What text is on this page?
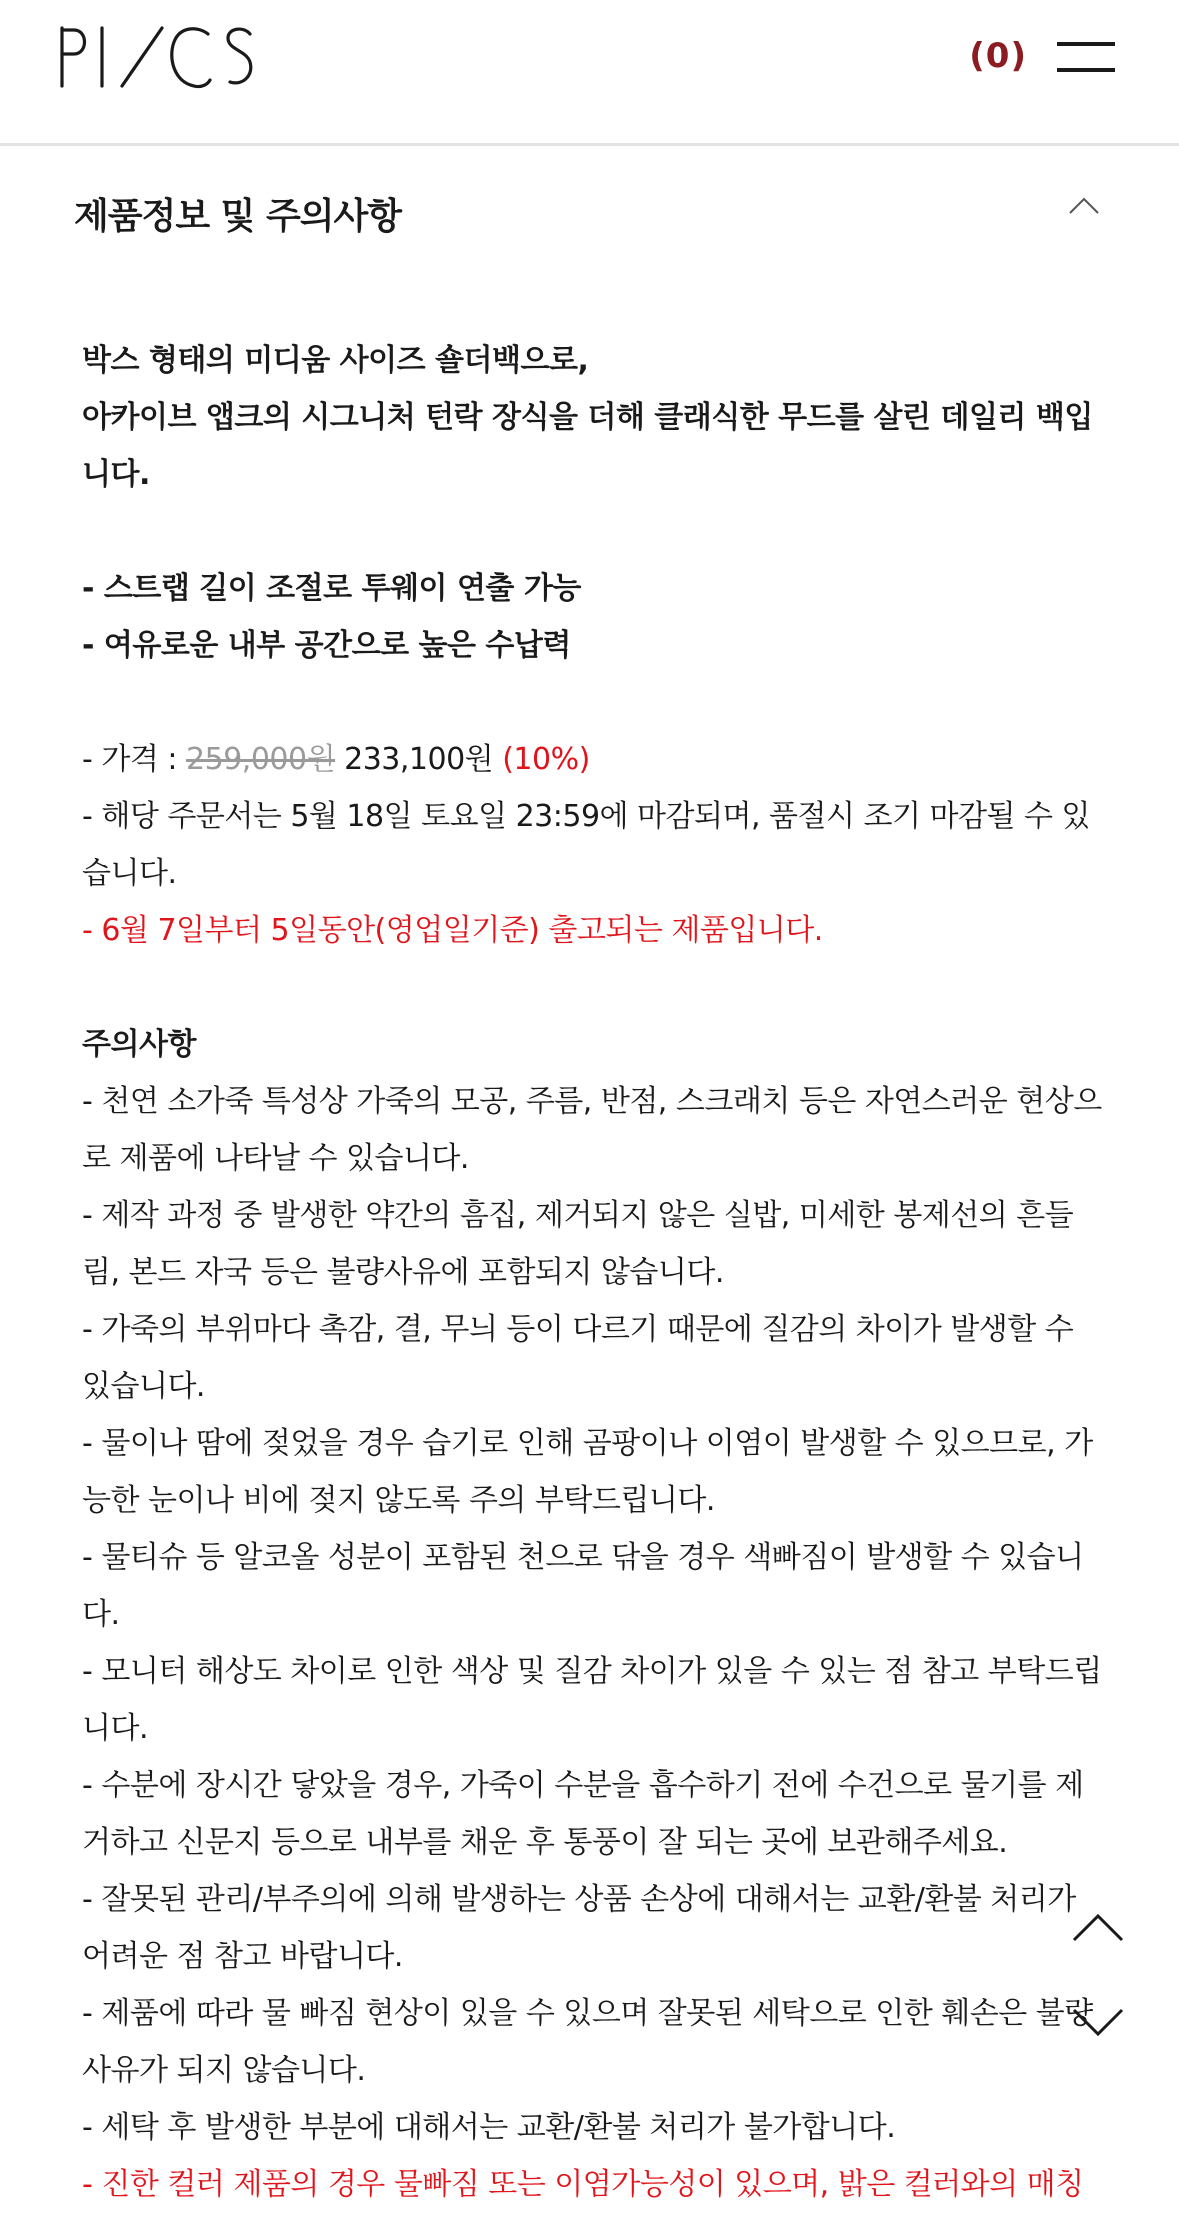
(0)
제품정보 및 주의사항
박스 형태의 미디움 사이즈 숄더백으로,
아카이브 앱크의 시그니처 턴락 장식을 더해 클래식한 무드를 살린 데일리 백입
니다.
- 스트랩 길이 조절로 투웨이 연출 가능
- 여유로운 내부 공간으로 높은 수납력
- 가격 : 259,000원 233,100원 (10%)
- 해당 주문서는 5월 18일 토요일 23:59에 마감되며, 품절시 조기 마감될 수 있
습니다.
- 6월 7일부터 5일동안(영업일기준) 출고되는 제품입니다.
주의사항
- 천연 소가죽 특성상 가죽의 모공, 주름, 반점, 스크래치 등은 자연스러운 현상으
로 제품에 나타날 수 있습니다.
- 제작 과정 중 발생한 약간의 흠집, 제거되지 않은 실밥, 미세한 봉제선의 흔들
림, 본드 자국 등은 불량사유에 포함되지 않습니다.
- 가죽의 부위마다 촉감, 결, 무늬 등이 다르기 때문에 질감의 차이가 발생할 수
있습니다.
- 물이나 땀에 젖었을 경우 습기로 인해 곰팡이나 이염이 발생할 수 있으므로, 가
능한 눈이나 비에 젖지 않도록 주의 부탁드립니다.
- 물티슈 등 알코올 성분이 포함된 천으로 닦을 경우 색빠짐이 발생할 수 있습니
다.
- 모니터 해상도 차이로 인한 색상 및 질감 차이가 있을 수 있는 점 참고 부탁드립
니다.
- 수분에 장시간 닿았을 경우, 가죽이 수분을 흡수하기 전에 수건으로 물기를 제
거하고 신문지 등으로 내부를 채운 후 통풍이 잘 되는 곳에 보관해주세요.
- 잘못된 관리/부주의에 의해 발생하는 상품 손상에 대해서는 교환/환불 처리가
어려운 점 참고 바랍니다.
- 제품에 따라 물 빠짐 현상이 있을 수 있으며 잘못된 세탁으로 인한 훼손은 불량
사유가 되지 않습니다.
- 세탁 후 발생한 부분에 대해서는 교환/환불 처리가 불가합니다.
- 진한 컬러 제품의 경우 물빠짐 또는 이염가능성이 있으며, 밝은 컬러와의 매칭
